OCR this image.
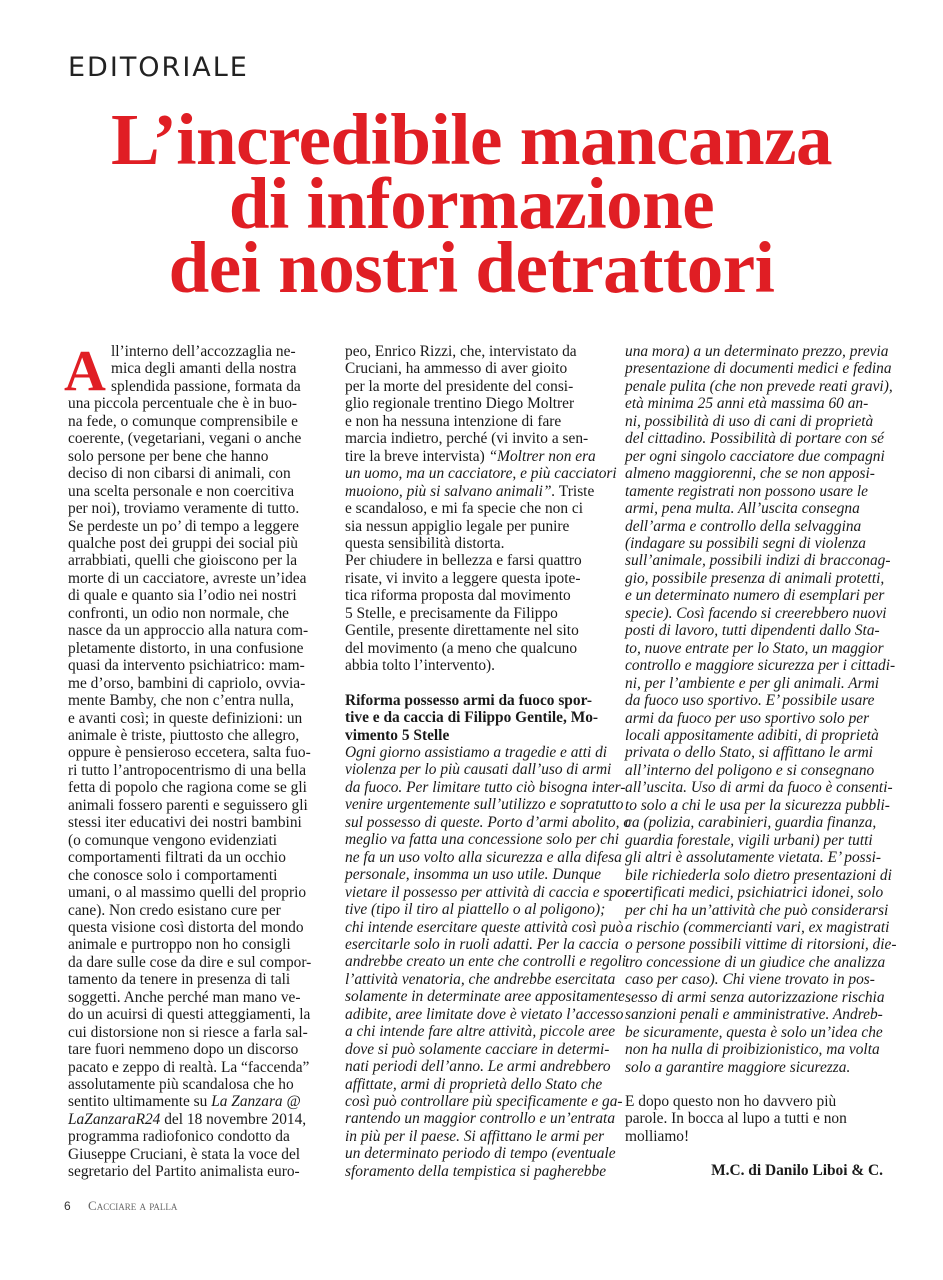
EDITORIALE
L’incredibile mancanza
di informazione
dei nostri detrattori
A ll’interno dell’accozzaglia ne-
mica degli amanti della nostra
splendida passione, formata da
una piccola percentuale che è in buo-
na fede, o comunque comprensibile e
coerente, (vegetariani, vegani o anche
solo persone per bene che hanno
deciso di non cibarsi di animali, con
una scelta personale e non coercitiva
per noi), troviamo veramente di tutto.
Se perdeste un po’ di tempo a leggere
qualche post dei gruppi dei social più
arrabbiati, quelli che gioiscono per la
morte di un cacciatore, avreste un’idea
di quale e quanto sia l’odio nei nostri
confronti, un odio non normale, che
nasce da un approccio alla natura com-
pletamente distorto, in una confusione
quasi da intervento psichiatrico: mam-
me d’orso, bambini di capriolo, ovvia-
mente Bamby, che non c’entra nulla,
e avanti così; in queste definizioni: un
animale è triste, piuttosto che allegro,
oppure è pensieroso eccetera, salta fuo-
ri tutto l’antropocentrismo di una bella
fetta di popolo che ragiona come se gli
animali fossero parenti e seguissero gli
stessi iter educativi dei nostri bambini
(o comunque vengono evidenziati
comportamenti filtrati da un occhio
che conosce solo i comportamenti
umani, o al massimo quelli del proprio
cane). Non credo esistano cure per
questa visione così distorta del mondo
animale e purtroppo non ho consigli
da dare sulle cose da dire e sul compor-
tamento da tenere in presenza di tali
soggetti. Anche perché man mano ve-
do un acuirsi di questi atteggiamenti, la
cui distorsione non si riesce a farla sal-
tare fuori nemmeno dopo un discorso
pacato e zeppo di realtà. La “faccenda”
assolutamente più scandalosa che ho
sentito ultimamente su La Zanzara @
LaZanzaraR24 del 18 novembre 2014,
programma radiofonico condotto da
Giuseppe Cruciani, è stata la voce del
segretario del Partito animalista euro-
peo, Enrico Rizzi, che, intervistato da
Cruciani, ha ammesso di aver gioito
per la morte del presidente del consi-
glio regionale trentino Diego Moltrer
e non ha nessuna intenzione di fare
marcia indietro, perché (vi invito a sen-
tire la breve intervista) “Moltrer non era
un uomo, ma un cacciatore, e più cacciatori
muoiono, più si salvano animali”. Triste
e scandaloso, e mi fa specie che non ci
sia nessun appiglio legale per punire
questa sensibilità distorta.
Per chiudere in bellezza e farsi quattro
risate, vi invito a leggere questa ipote-
tica riforma proposta dal movimento
5 Stelle, e precisamente da Filippo
Gentile, presente direttamente nel sito
del movimento (a meno che qualcuno
abbia tolto l’intervento).
Riforma possesso armi da fuoco spor-
tive e da caccia di Filippo Gentile, Mo-
vimento 5 Stelle
Ogni giorno assistiamo a tragedie e atti di
violenza per lo più causati dall’uso di armi
da fuoco. Per limitare tutto ciò bisogna inter-
venire urgentemente sull’utilizzo e sopratutto
sul possesso di queste. Porto d’armi abolito, o
meglio va fatta una concessione solo per chi
ne fa un uso volto alla sicurezza e alla difesa
personale, insomma un uso utile. Dunque
vietare il possesso per attività di caccia e spor-
tive (tipo il tiro al piattello o al poligono);
chi intende esercitare queste attività così può
esercitarle solo in ruoli adatti. Per la caccia
andrebbe creato un ente che controlli e regoli
l’attività venatoria, che andrebbe esercitata
solamente in determinate aree appositamente
adibite, aree limitate dove è vietato l’accesso
a chi intende fare altre attività, piccole aree
dove si può solamente cacciare in determi-
nati periodi dell’anno. Le armi andrebbero
affittate, armi di proprietà dello Stato che
così può controllare più specificamente e ga-
rantendo un maggior controllo e un’entrata
in più per il paese. Si affittano le armi per
un determinato periodo di tempo (eventuale
sforamento della tempistica si pagherebbe
una mora) a un determinato prezzo, previa
presentazione di documenti medici e fedina
penale pulita (che non prevede reati gravi),
età minima 25 anni età massima 60 an-
ni, possibilità di uso di cani di proprietà
del cittadino. Possibilità di portare con sé
per ogni singolo cacciatore due compagni
almeno maggiorenni, che se non apposi-
tamente registrati non possono usare le
armi, pena multa. All’uscita consegna
dell’arma e controllo della selvaggina
(indagare su possibili segni di violenza
sull’animale, possibili indizi di bracconag-
gio, possibile presenza di animali protetti,
e un determinato numero di esemplari per
specie). Così facendo si creerebbero nuovi
posti di lavoro, tutti dipendenti dallo Sta-
to, nuove entrate per lo Stato, un maggior
controllo e maggiore sicurezza per i cittadi-
ni, per l’ambiente e per gli animali. Armi
da fuoco uso sportivo. E’ possibile usare
armi da fuoco per uso sportivo solo per
locali appositamente adibiti, di proprietà
privata o dello Stato, si affittano le armi
all’interno del poligono e si consegnano
all’uscita. Uso di armi da fuoco è consenti-
to solo a chi le usa per la sicurezza pubbli-
ca (polizia, carabinieri, guardia finanza,
guardia forestale, vigili urbani) per tutti
gli altri è assolutamente vietata. E’ possi-
bile richiederla solo dietro presentazioni di
certificati medici, psichiatrici idonei, solo
per chi ha un’attività che può considerarsi
a rischio (commercianti vari, ex magistrati
o persone possibili vittime di ritorsioni, die-
tro concessione di un giudice che analizza
caso per caso). Chi viene trovato in pos-
sesso di armi senza autorizzazione rischia
sanzioni penali e amministrative. Andreb-
be sicuramente, questa è solo un’idea che
non ha nulla di proibizionistico, ma volta
solo a garantire maggiore sicurezza.
E dopo questo non ho davvero più
parole. In bocca al lupo a tutti e non
molliamo!
M.C. di Danilo Liboi & C.
6 Cacciare a palla
